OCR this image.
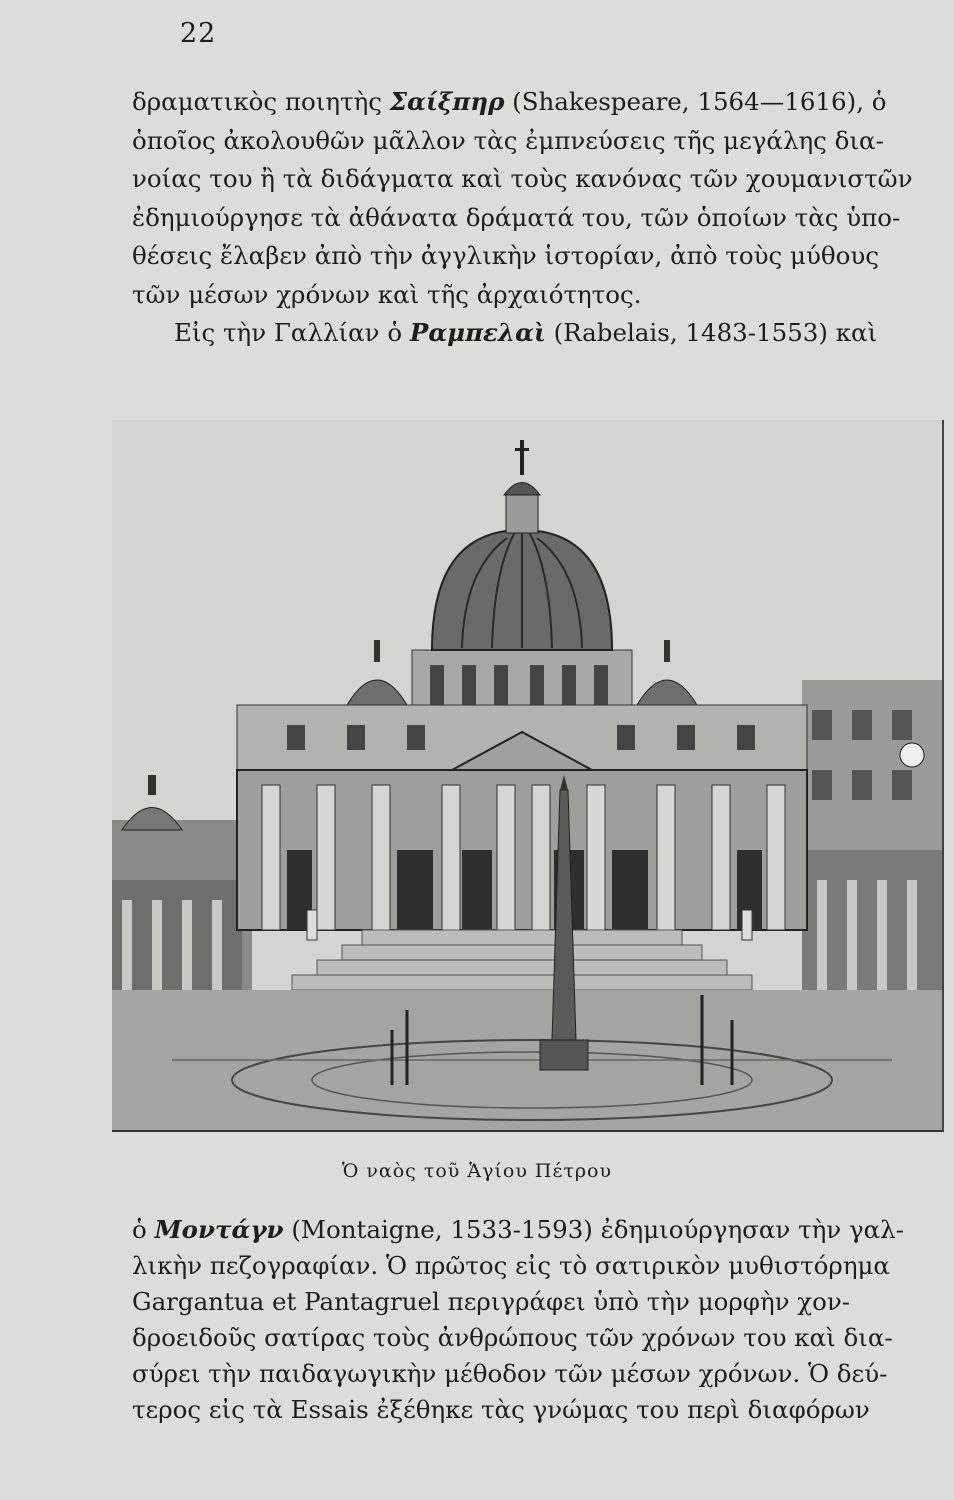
22

δραματικὸς ποιητὴς Σαίξπηρ (Shakespeare, 1564—1616), ὁ
ὁποῖος ἀκολουθῶν μᾶλλον τὰς ἐμπνεύσεις τῆς μεγάλης δια-
νοίας του ἢ τὰ διδάγματα καὶ τοὺς κανόνας τῶν χουμανιστῶν
ἐδημιούργησε τὰ ἀθάνατα δράματά του, τῶν ὁποίων τὰς ὑπο-
θέσεις ἔλαβεν ἀπὸ τὴν ἀγγλικὴν ἱστορίαν, ἀπὸ τοὺς μύθους
τῶν μέσων χρόνων καὶ τῆς ἀρχαιότητος.
Εἰς τὴν Γαλλίαν ὁ Ραμπελαὶ (Rabelais, 1483-1553) καὶ

Ὁ ναὸς τοῦ Ἁγίου Πέτρου

ὁ Μοντάγν (Montaigne, 1533-1593) ἐδημιούργησαν τὴν γαλ-
λικὴν πεζογραφίαν. Ὁ πρῶτος εἰς τὸ σατιρικὸν μυθιστόρημα
Gargantua et Pantagruel περιγράφει ὑπὸ τὴν μορφὴν χον-
δροειδοῦς σατίρας τοὺς ἀνθρώπους τῶν χρόνων του καὶ δια-
σύρει τὴν παιδαγωγικὴν μέθοδον τῶν μέσων χρόνων. Ὁ δεύ-
τερος εἰς τὰ Essais ἐξέθηκε τὰς γνώμας του περὶ διαφόρων
